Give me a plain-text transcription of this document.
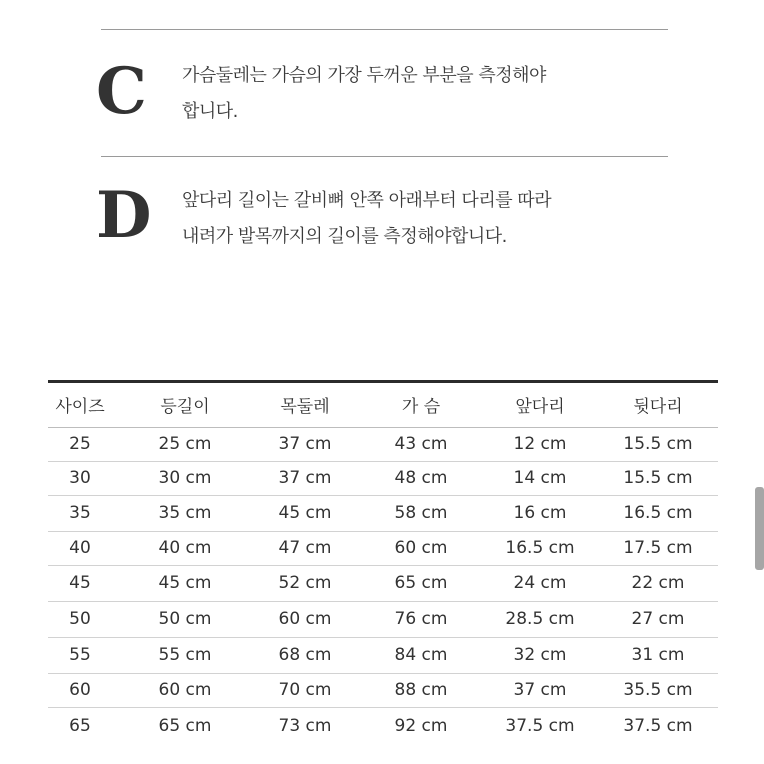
C 가슴둘레는 가슴의 가장 두꺼운 부분을 측정해야
합니다.
D 앞다리 길이는 갈비뼈 안쪽 아래부터 다리를 따라
내려가 발목까지의 길이를 측정해야합니다.
사이즈	등길이	목둘레	가 슴	앞다리	뒷다리
25	25 cm	37 cm	43 cm	12 cm	15.5 cm
30	30 cm	37 cm	48 cm	14 cm	15.5 cm
35	35 cm	45 cm	58 cm	16 cm	16.5 cm
40	40 cm	47 cm	60 cm	16.5 cm	17.5 cm
45	45 cm	52 cm	65 cm	24 cm	22 cm
50	50 cm	60 cm	76 cm	28.5 cm	27 cm
55	55 cm	68 cm	84 cm	32 cm	31 cm
60	60 cm	70 cm	88 cm	37 cm	35.5 cm
65	65 cm	73 cm	92 cm	37.5 cm	37.5 cm
